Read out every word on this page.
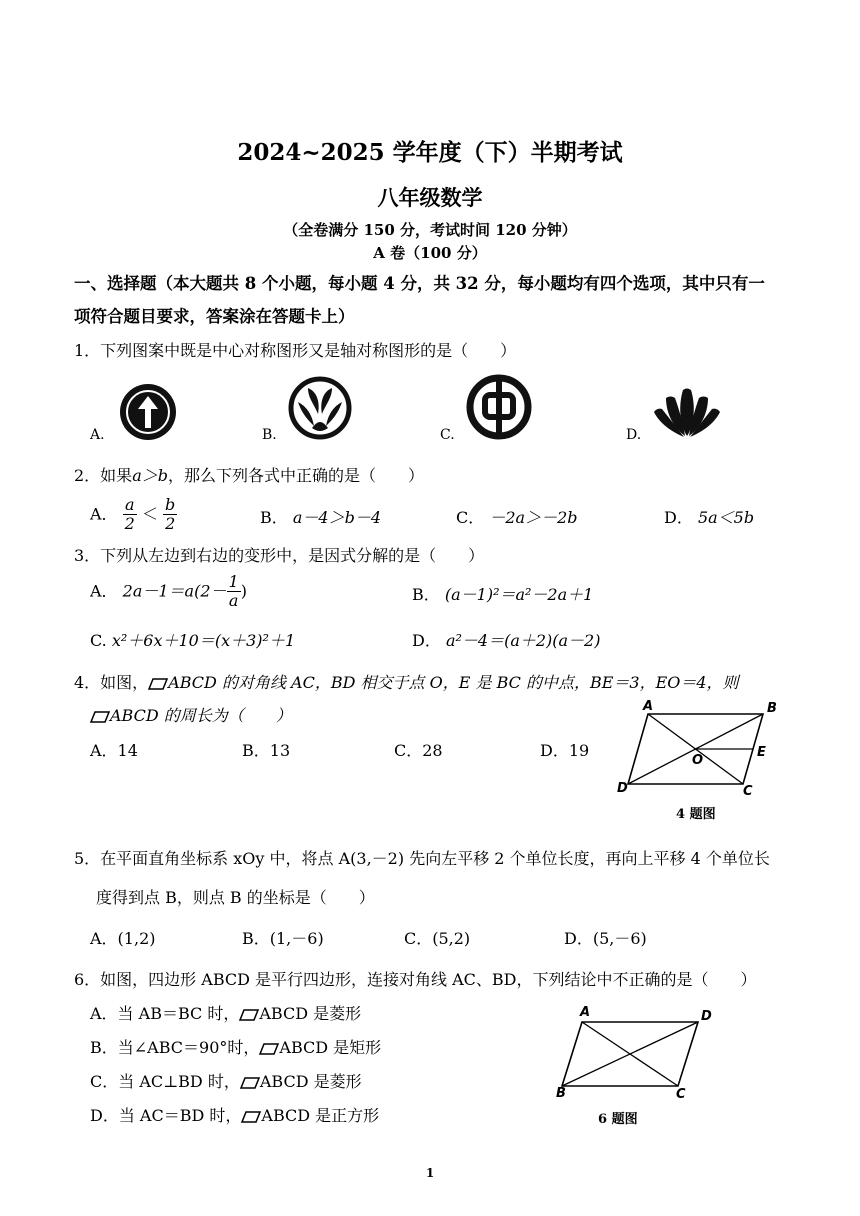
2024~2025 学年度（下）半期考试
八年级数学
（全卷满分 150 分，考试时间 120 分钟）
A 卷（100 分）
一、选择题（本大题共 8 个小题，每小题 4 分，共 32 分，每小题均有四个选项，其中只有一
项符合题目要求，答案涂在答题卡上）
1．下列图案中既是中心对称图形又是轴对称图形的是（　　）
A.	B.	C.	D.
2．如果a＞b，那么下列各式中正确的是（　　）
A． $\frac{a}{2} < \frac{b}{2}$	B． a－4＞b－4	C． －2a＞－2b	D． 5a＜5b
3．下列从左边到右边的变形中，是因式分解的是（　　）
A． $2a-1=a(2- \frac{1}{a}$ )	B． (a－1)²＝a²－2a＋1
C. x²＋6x＋10＝(x＋3)²＋1	D． a²－4＝(a＋2)(a－2)
4．如图， ABCD 的对角线 AC，BD 相交于点 O，E 是 BC 的中点，BE＝3，EO＝4，则
ABCD 的周长为（　　）
A．14	B．13	C．28	D．19
A	B
E
O
D	C
4 题图
5．在平面直角坐标系 xOy 中，将点 A(3,－2) 先向左平移 2 个单位长度，再向上平移 4 个单位长
度得到点 B，则点 B 的坐标是（　　）
A．(1,2)	B．(1,－6)	C．(5,2)	D．(5,－6)
6．如图，四边形 ABCD 是平行四边形，连接对角线 AC、BD，下列结论中不正确的是（　　）
A．当 AB＝BC 时， ABCD 是菱形
B．当∠ABC＝90°时， ABCD 是矩形
C．当 AC⊥BD 时， ABCD 是菱形
D．当 AC＝BD 时， ABCD 是正方形
A	D
B	C
6 题图
1
